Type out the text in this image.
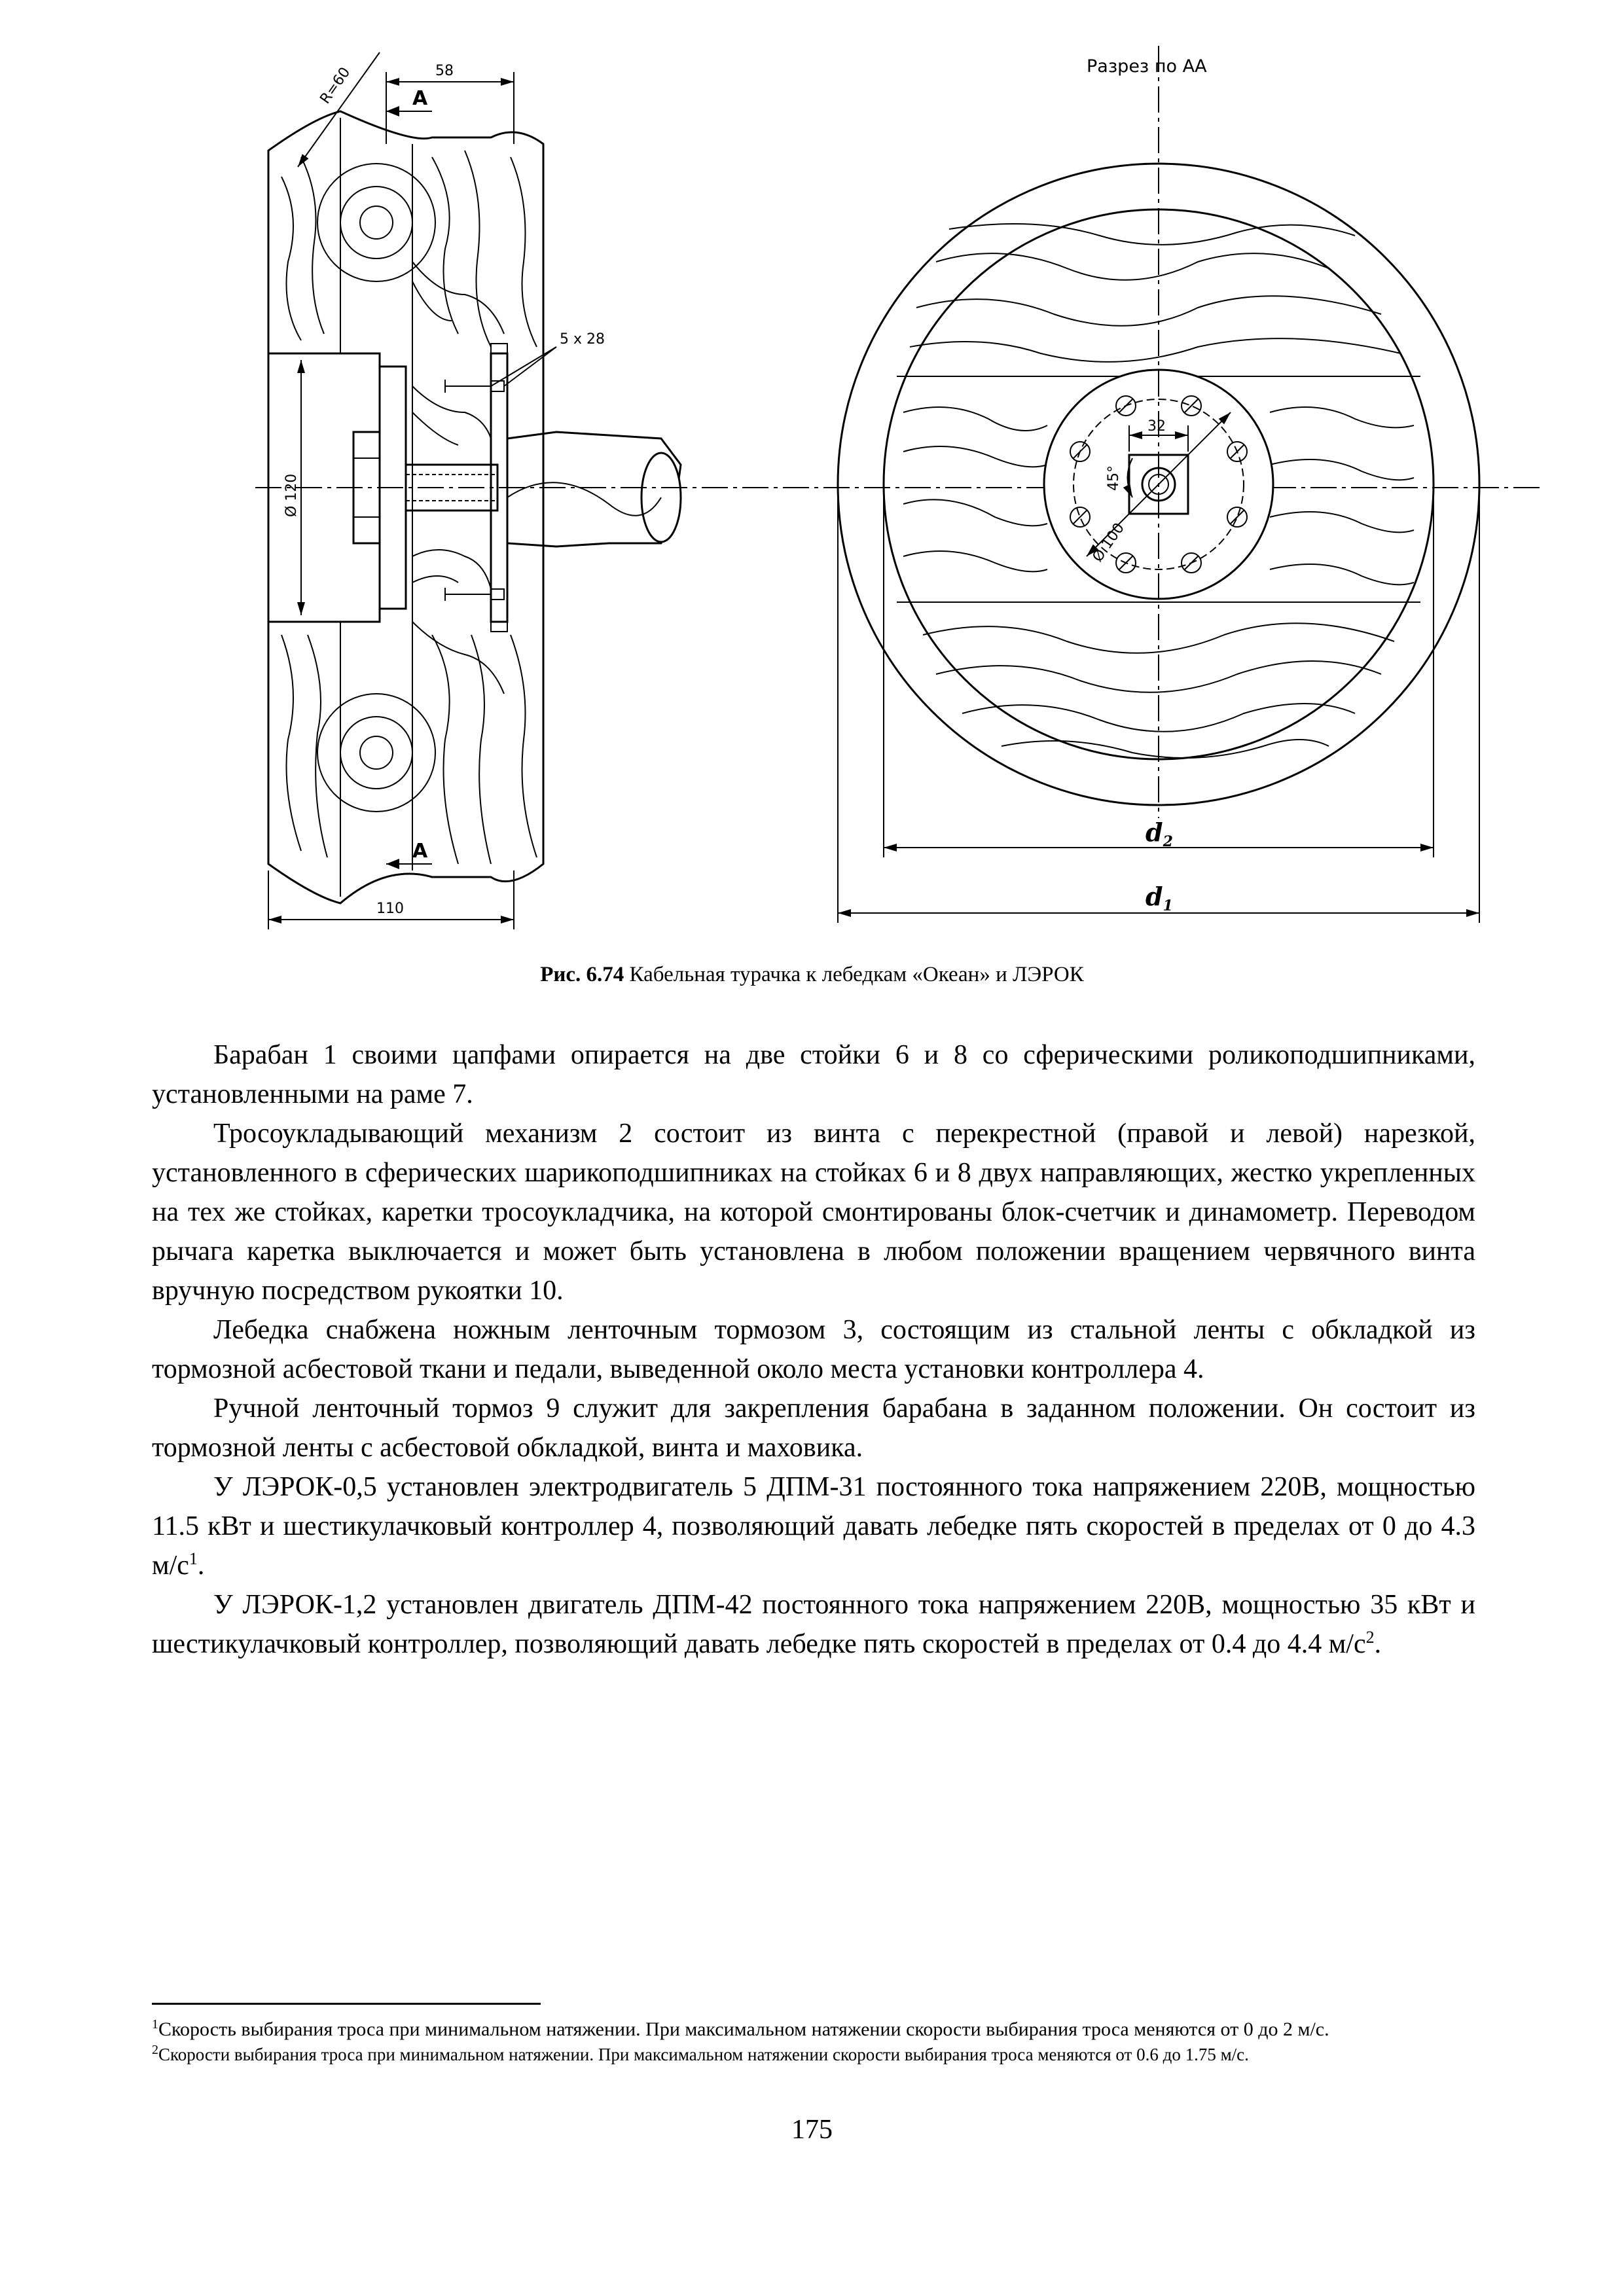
R=60	58
A
A
110
Ø 120
5 x 28
Разрез по АА
32
45°
Ø 100
$d_2$
$d_1$
Рис. 6.74 Кабельная турачка к лебедкам «Океан» и ЛЭРОК

Барабан 1 своими цапфами опирается на две стойки 6 и 8 со сферическими роликоподшипниками, установленными на раме 7.

Тросоукладывающий механизм 2 состоит из винта с перекрестной (правой и левой) нарезкой, установленного в сферических шарикоподшипниках на стойках 6 и 8 двух направляющих, жестко укрепленных на тех же стойках, каретки тросоукладчика, на которой смонтированы блок-счетчик и динамометр. Переводом рычага каретка выключается и может быть установлена в любом положении вращением червячного винта вручную посредством рукоятки 10.

Лебедка снабжена ножным ленточным тормозом 3, состоящим из стальной ленты с обкладкой из тормозной асбестовой ткани и педали, выведенной около места установки контроллера 4.

Ручной ленточный тормоз 9 служит для закрепления барабана в заданном положении. Он состоит из тормозной ленты с асбестовой обкладкой, винта и маховика.

У ЛЭРОК-0,5 установлен электродвигатель 5 ДПМ-31 постоянного тока напряжением 220В, мощностью 11.5 кВт и шестикулачковый контроллер 4, позволяющий давать лебедке пять скоростей в пределах от 0 до 4.3 $м/с^1$.

У ЛЭРОК-1,2 установлен двигатель ДПМ-42 постоянного тока напряжением 220В, мощностью 35 кВт и шестикулачковый контроллер, позволяющий давать лебедке пять скоростей в пределах от 0.4 до 4.4 $м/с^2$.

$^1$Скорость выбирания троса при минимальном натяжении. При максимальном натяжении скорости выбирания троса меняются от 0 до 2 м/с.

$^2$Скорости выбирания троса при минимальном натяжении. При максимальном натяжении скорости выбирания троса меняются от 0.6 до 1.75 м/с.

175
